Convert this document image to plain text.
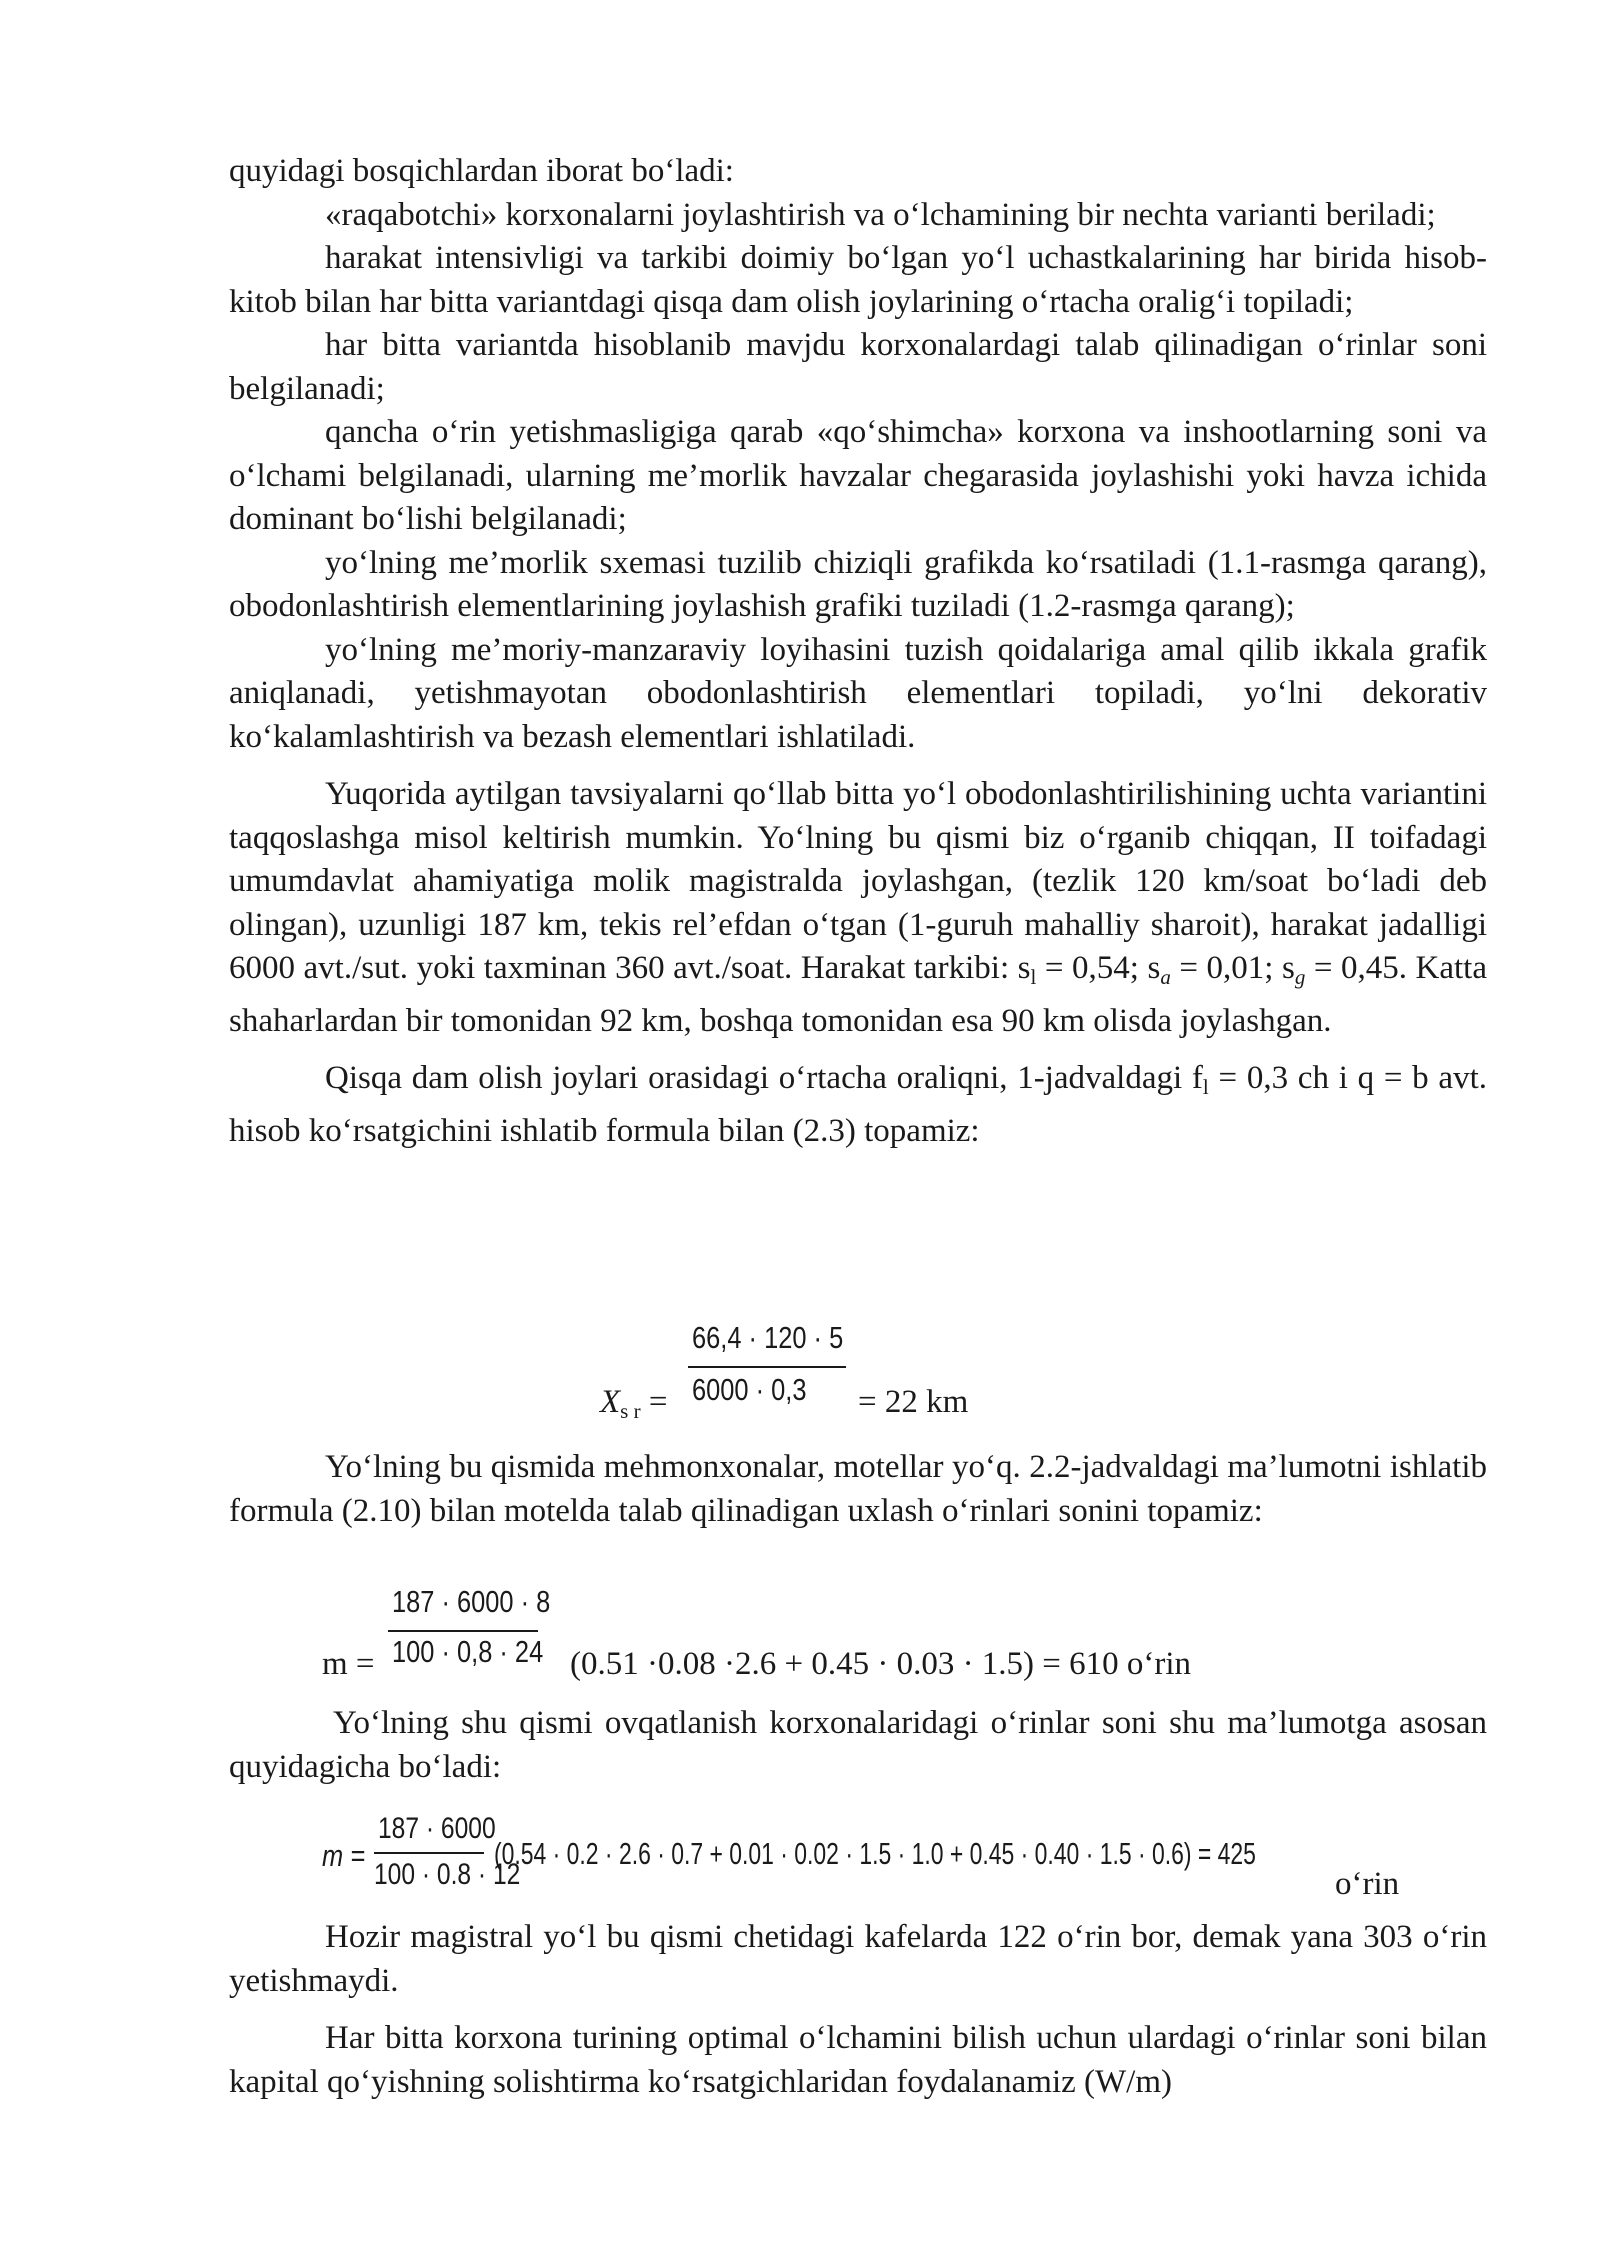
quyidagi bosqichlardan iborat bo‘ladi:

«raqabotchi» korxonalarni joylashtirish va o‘lchamining bir nechta varianti beriladi;

harakat intensivligi va tarkibi doimiy bo‘lgan yo‘l uchastkalarining har birida hisob-kitob bilan har bitta variantdagi qisqa dam olish joylarining o‘rtacha oralig‘i topiladi;

har bitta variantda hisoblanib mavjdu korxonalardagi talab qilinadigan o‘rinlar soni belgilanadi;

qancha o‘rin yetishmasligiga qarab «qo‘shimcha» korxona va inshootlarning soni va o‘lchami belgilanadi, ularning me’morlik havzalar chegarasida joylashishi yoki havza ichida dominant bo‘lishi belgilanadi;

yo‘lning me’morlik sxemasi tuzilib chiziqli grafikda ko‘rsatiladi (1.1-rasmga qarang), obodonlashtirish elementlarining joylashish grafiki tuziladi (1.2-rasmga qarang);

yo‘lning me’moriy-manzaraviy loyihasini tuzish qoidalariga amal qilib ikkala grafik aniqlanadi, yetishmayotan obodonlashtirish elementlari topiladi, yo‘lni dekorativ ko‘kalamlashtirish va bezash elementlari ishlatiladi.

Yuqorida aytilgan tavsiyalarni qo‘llab bitta yo‘l obodonlashtirilishining uchta variantini taqqoslashga misol keltirish mumkin. Yo‘lning bu qismi biz o‘rganib chiqqan, II toifadagi umumdavlat ahamiyatiga molik magistralda joylashgan, (tezlik 120 km/soat bo‘ladi deb olingan), uzunligi 187 km, tekis rel’efdan o‘tgan (1-guruh mahalliy sharoit), harakat jadalligi 6000 avt./sut. yoki taxminan 360 avt./soat. Harakat tarkibi: $s_l = 0,54$; $s_a = 0,01$; $s_g = 0,45$. Katta shaharlardan bir tomonidan 92 km, boshqa tomonidan esa 90 km olisda joylashgan.

Qisqa dam olish joylari orasidagi o‘rtacha oraliqni, 1-jadvaldagi $f_l = 0,3$ ch i q = b avt. hisob ko‘rsatgichini ishlatib formula bilan (2.3) topamiz:

66,4 · 120 · 5
$X_{s r} = 6000 \cdot 0,3 = 22$ km

Yo‘lning bu qismida mehmonxonalar, motellar yo‘q. 2.2-jadvaldagi ma’lumotni ishlatib formula (2.10) bilan motelda talab qilinadigan uxlash o‘rinlari sonini topamiz:

187 · 6000 · 8
m = 100 · 0,8 · 24 (0.51 ·0.08 ·2.6 + 0.45 · 0.03 · 1.5) = 610 o‘rin

Yo‘lning shu qismi ovqatlanish korxonalaridagi o‘rinlar soni shu ma’lumotga asosan quyidagicha bo‘ladi:

m =
187 · 6000
100 · 0.8 · 12
(0.54 · 0.2 · 2.6 · 0.7 + 0.01 · 0.02 · 1.5 · 1.0 + 0.45 · 0.40 · 1.5 · 0.6) = 425
o‘rin

Hozir magistral yo‘l bu qismi chetidagi kafelarda 122 o‘rin bor, demak yana 303 o‘rin yetishmaydi.

Har bitta korxona turining optimal o‘lchamini bilish uchun ulardagi o‘rinlar soni bilan kapital qo‘yishning solishtirma ko‘rsatgichlaridan foydalanamiz (W/m)
